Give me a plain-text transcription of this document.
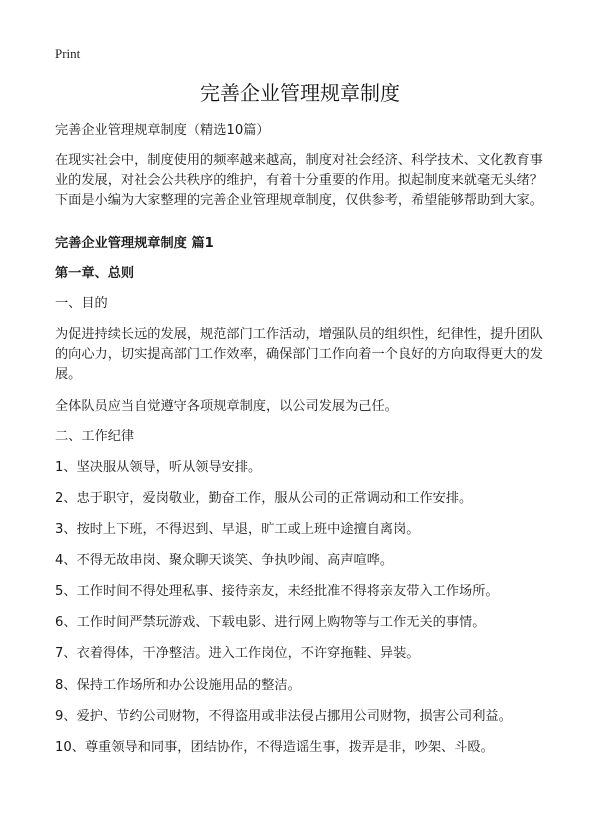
Print
完善企业管理规章制度

完善企业管理规章制度（精选10篇）

在现实社会中，制度使用的频率越来越高，制度对社会经济、科学技术、文化教育事业的发展，对社会公共秩序的维护，有着十分重要的作用。拟起制度来就毫无头绪？下面是小编为大家整理的完善企业管理规章制度，仅供参考，希望能够帮助到大家。

完善企业管理规章制度 篇1

第一章、总则

一、目的

为促进持续长远的发展，规范部门工作活动，增强队员的组织性，纪律性，提升团队的向心力，切实提高部门工作效率，确保部门工作向着一个良好的方向取得更大的发展。

全体队员应当自觉遵守各项规章制度，以公司发展为己任。

二、工作纪律

1、坚决服从领导，听从领导安排。

2、忠于职守，爱岗敬业，勤奋工作，服从公司的正常调动和工作安排。

3、按时上下班，不得迟到、早退，旷工或上班中途擅自离岗。

4、不得无故串岗、聚众聊天谈笑、争执吵闹、高声喧哗。

5、工作时间不得处理私事、接待亲友，未经批准不得将亲友带入工作场所。

6、工作时间严禁玩游戏、下载电影、进行网上购物等与工作无关的事情。

7、衣着得体，干净整洁。进入工作岗位，不许穿拖鞋、异装。

8、保持工作场所和办公设施用品的整洁。

9、爱护、节约公司财物，不得盗用或非法侵占挪用公司财物，损害公司利益。

10、尊重领导和同事，团结协作，不得造谣生事，拨弄是非，吵架、斗殴。
